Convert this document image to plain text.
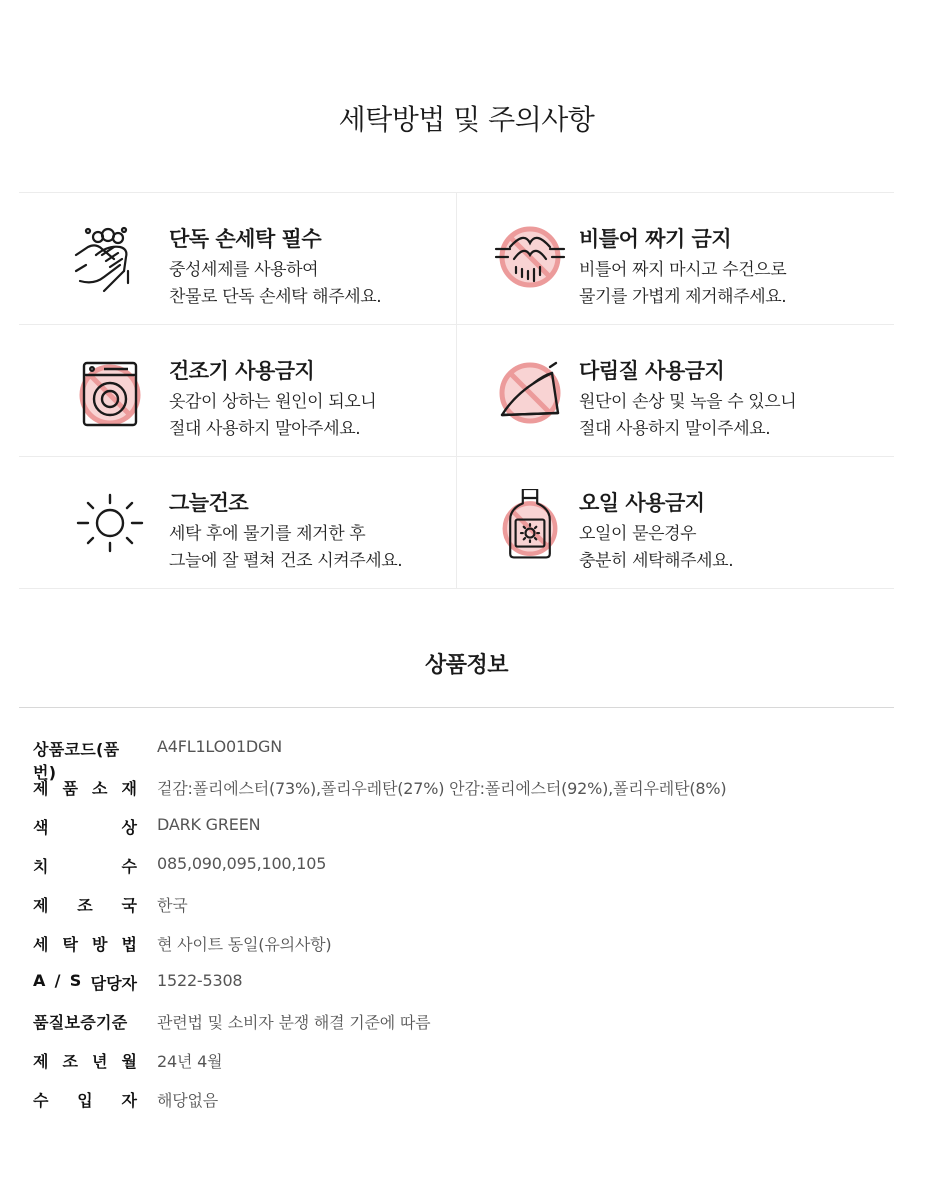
세탁방법 및 주의사항
단독 손세탁 필수
중성세제를 사용하여
찬물로 단독 손세탁 해주세요.
비틀어 짜기 금지
비틀어 짜지 마시고 수건으로
물기를 가볍게 제거해주세요.
건조기 사용금지
옷감이 상하는 원인이 되오니
절대 사용하지 말아주세요.
다림질 사용금지
원단이 손상 및 녹을 수 있으니
절대 사용하지 말이주세요.
그늘건조
세탁 후에 물기를 제거한 후
그늘에 잘 펼쳐 건조 시켜주세요.
오일 사용금지
오일이 묻은경우
충분히 세탁해주세요.
상품정보
상품코드(품번)
A4FL1LO01DGN
제 품 소 재 겉감:폴리에스터(73%),폴리우레탄(27%) 안감:폴리에스터(92%),폴리우레탄(8%)
색	상 DARK GREEN
치	수 085,090,095,100,105
제 조 국 한국
세 탁 방 법 현 사이트 동일(유의사항)
A / S 담당자 1522-5308
품질보증기준	관련법 및 소비자 분쟁 해결 기준에 따름
제 조 년 월 24년 4월
수 입 자 해당없음
